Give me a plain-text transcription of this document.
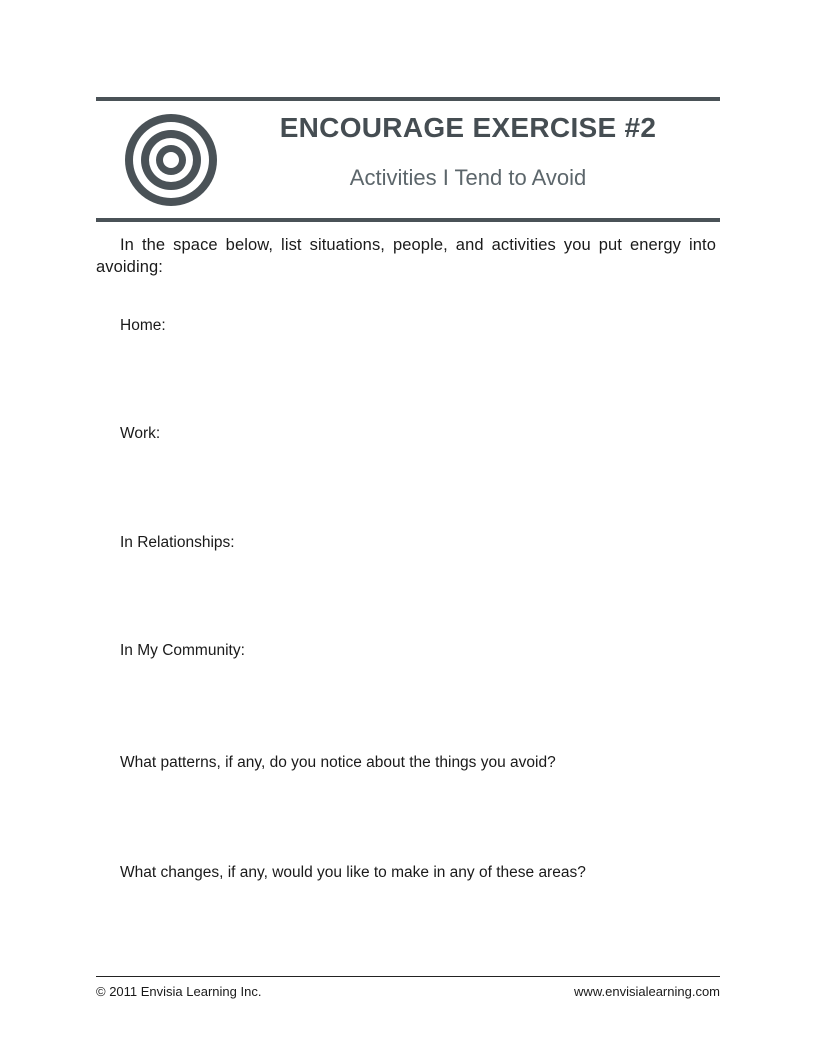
ENCOURAGE EXERCISE #2
Activities I Tend to Avoid
In the space below, list situations, people, and activities you put energy into avoiding:
Home:
Work:
In Relationships:
In My Community:
What patterns, if any, do you notice about the things you avoid?
What changes, if any, would you like to make in any of these areas?
© 2011 Envisia Learning Inc.	www.envisialearning.com
